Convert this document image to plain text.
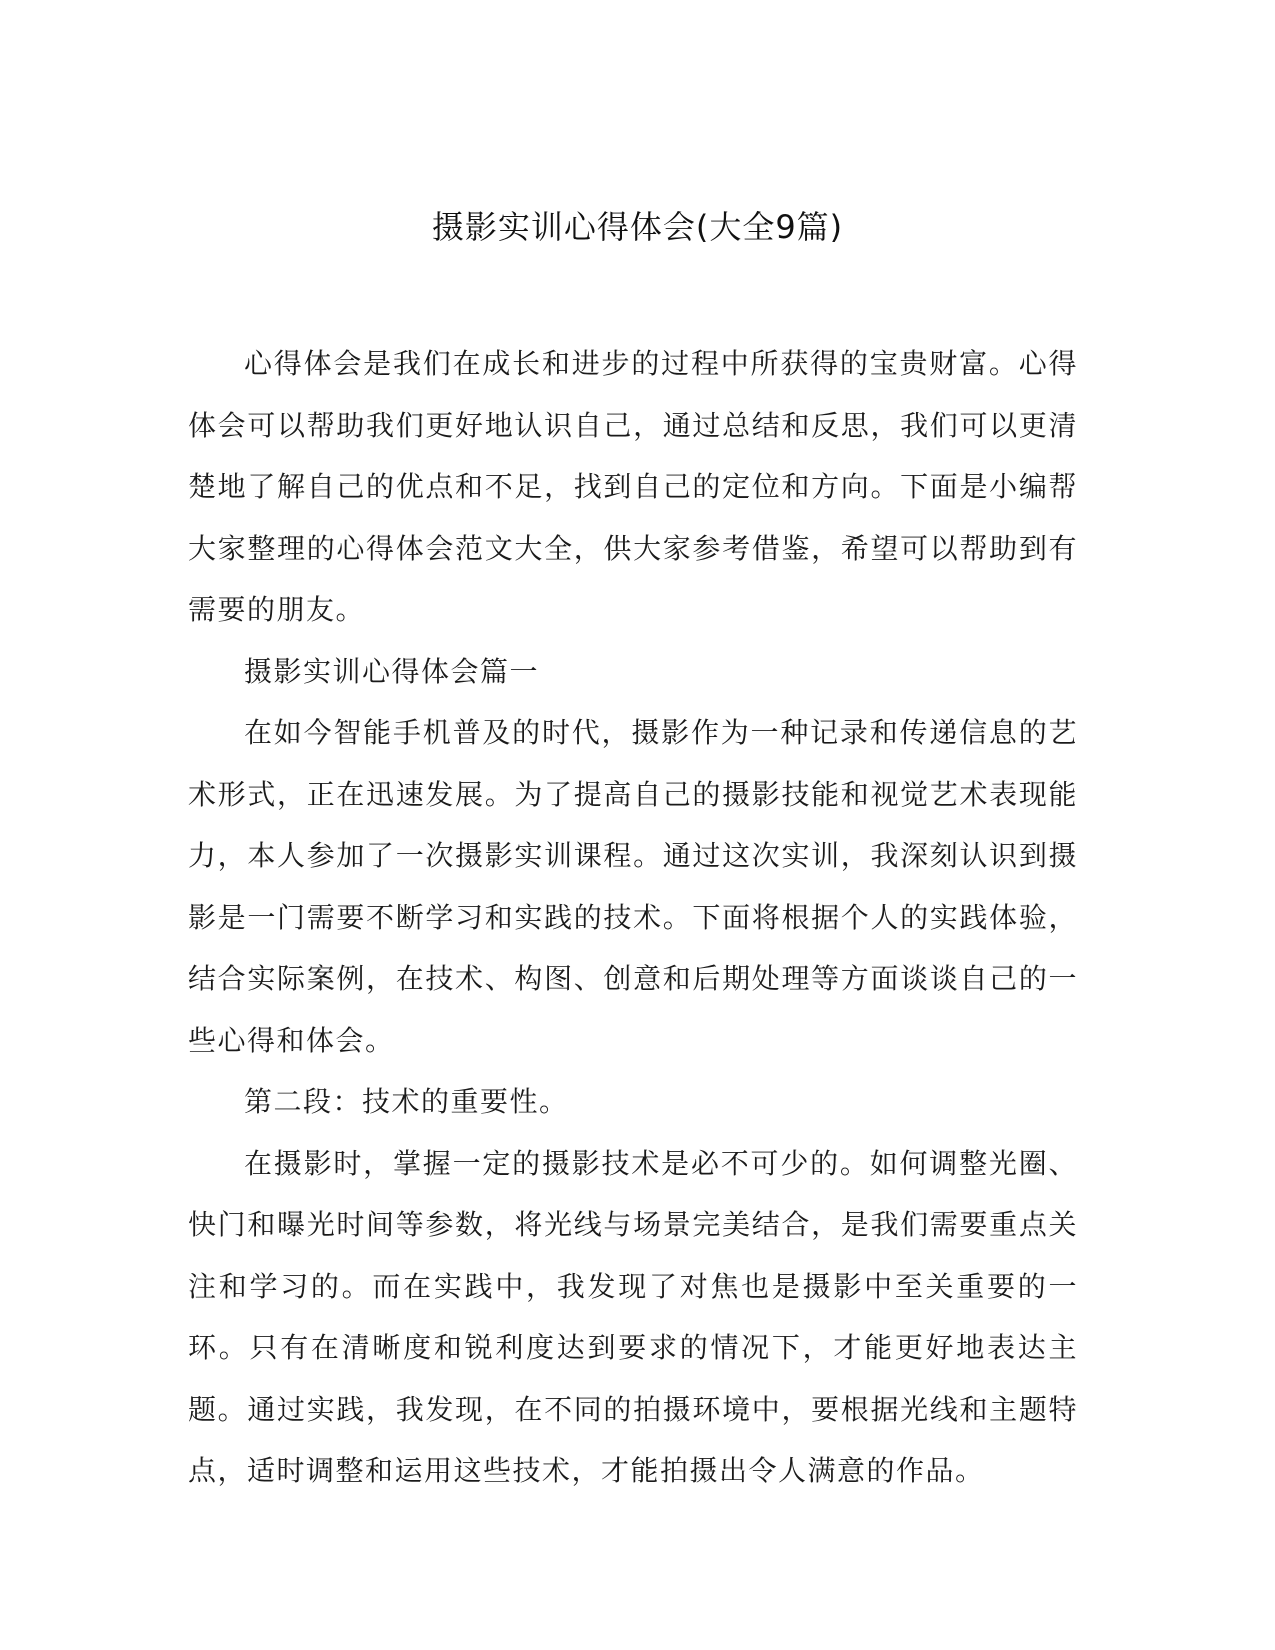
摄影实训心得体会(大全9篇)

心得体会是我们在成长和进步的过程中所获得的宝贵财富。心得体会可以帮助我们更好地认识自己，通过总结和反思，我们可以更清楚地了解自己的优点和不足，找到自己的定位和方向。下面是小编帮大家整理的心得体会范文大全，供大家参考借鉴，希望可以帮助到有需要的朋友。

摄影实训心得体会篇一

在如今智能手机普及的时代，摄影作为一种记录和传递信息的艺术形式，正在迅速发展。为了提高自己的摄影技能和视觉艺术表现能力，本人参加了一次摄影实训课程。通过这次实训，我深刻认识到摄影是一门需要不断学习和实践的技术。下面将根据个人的实践体验，结合实际案例，在技术、构图、创意和后期处理等方面谈谈自己的一些心得和体会。

第二段：技术的重要性。

在摄影时，掌握一定的摄影技术是必不可少的。如何调整光圈、快门和曝光时间等参数，将光线与场景完美结合，是我们需要重点关注和学习的。而在实践中，我发现了对焦也是摄影中至关重要的一环。只有在清晰度和锐利度达到要求的情况下，才能更好地表达主题。通过实践，我发现，在不同的拍摄环境中，要根据光线和主题特点，适时调整和运用这些技术，才能拍摄出令人满意的作品。
